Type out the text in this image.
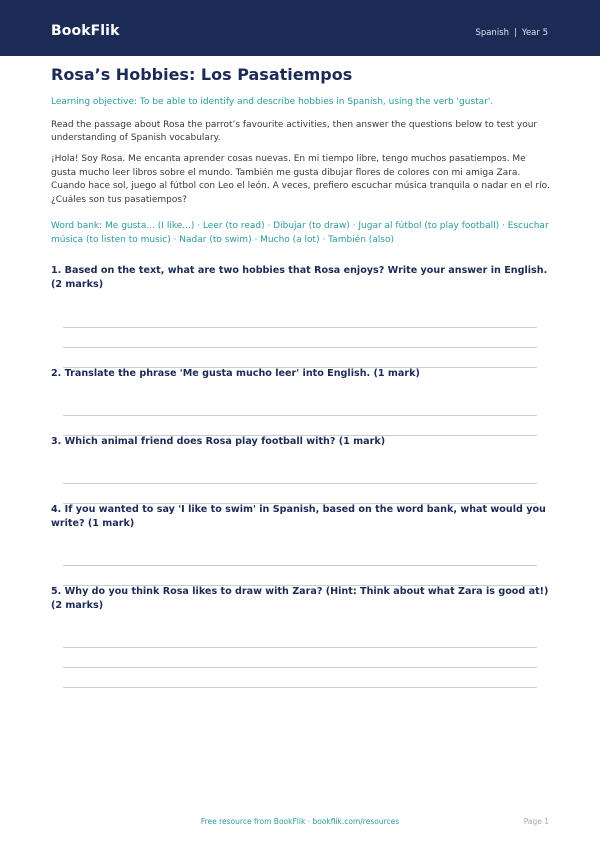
BookFlik	Spanish | Year 5
Rosa’s Hobbies: Los Pasatiempos
Learning objective: To be able to identify and describe hobbies in Spanish, using the verb 'gustar'.
Read the passage about Rosa the parrot’s favourite activities, then answer the questions below to test your understanding of Spanish vocabulary.
¡Hola! Soy Rosa. Me encanta aprender cosas nuevas. En mi tiempo libre, tengo muchos pasatiempos. Me gusta mucho leer libros sobre el mundo. También me gusta dibujar flores de colores con mi amiga Zara. Cuando hace sol, juego al fútbol con Leo el león. A veces, prefiero escuchar música tranquila o nadar en el río. ¿Cuáles son tus pasatiempos?
Word bank: Me gusta... (I like...) · Leer (to read) · Dibujar (to draw) · Jugar al fútbol (to play football) · Escuchar música (to listen to music) · Nadar (to swim) · Mucho (a lot) · También (also)
1. Based on the text, what are two hobbies that Rosa enjoys? Write your answer in English. (2 marks)
2. Translate the phrase 'Me gusta mucho leer' into English. (1 mark)
3. Which animal friend does Rosa play football with? (1 mark)
4. If you wanted to say 'I like to swim' in Spanish, based on the word bank, what would you write? (1 mark)
5. Why do you think Rosa likes to draw with Zara? (Hint: Think about what Zara is good at!) (2 marks)
Free resource from BookFlik · bookflik.com/resources	Page 1
